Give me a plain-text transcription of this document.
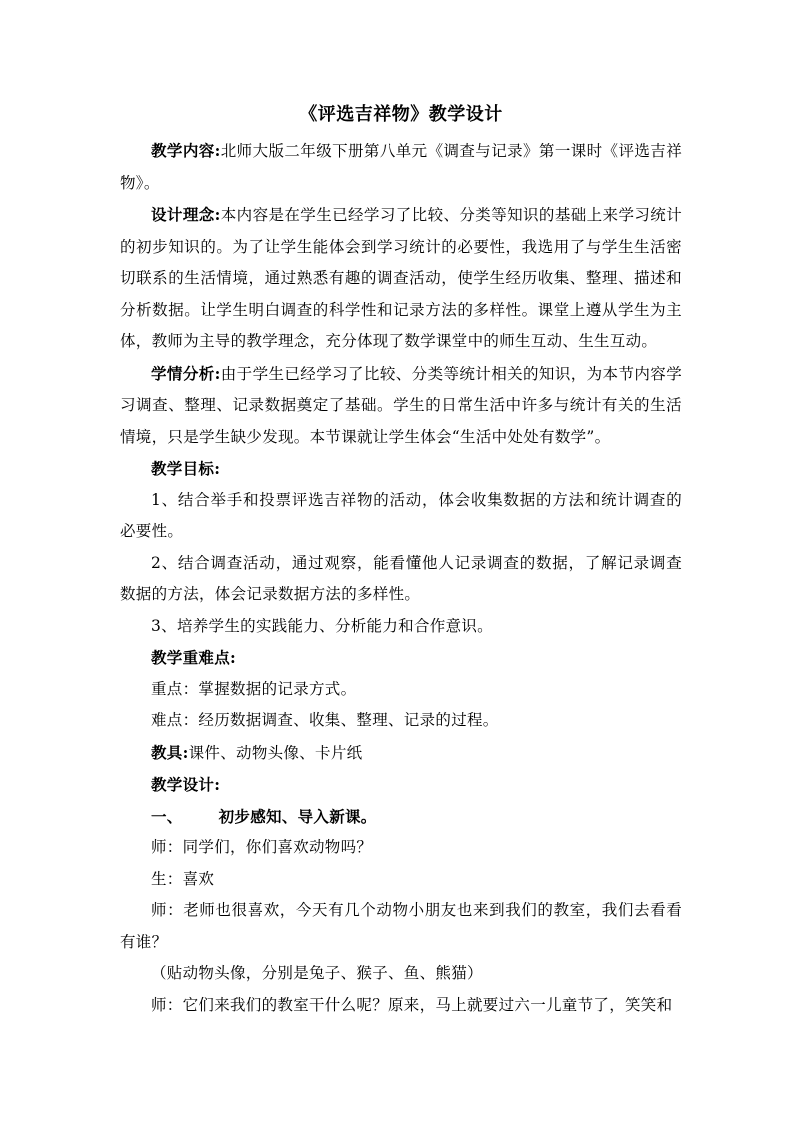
《评选吉祥物》教学设计

教学内容:北师大版二年级下册第八单元《调查与记录》第一课时《评选吉祥物》。

设计理念:本内容是在学生已经学习了比较、分类等知识的基础上来学习统计的初步知识的。为了让学生能体会到学习统计的必要性，我选用了与学生生活密切联系的生活情境，通过熟悉有趣的调查活动，使学生经历收集、整理、描述和分析数据。让学生明白调查的科学性和记录方法的多样性。课堂上遵从学生为主体，教师为主导的教学理念，充分体现了数学课堂中的师生互动、生生互动。

学情分析:由于学生已经学习了比较、分类等统计相关的知识，为本节内容学习调查、整理、记录数据奠定了基础。学生的日常生活中许多与统计有关的生活情境，只是学生缺少发现。本节课就让学生体会“生活中处处有数学”。

教学目标:

1、结合举手和投票评选吉祥物的活动，体会收集数据的方法和统计调查的必要性。

2、结合调查活动，通过观察，能看懂他人记录调查的数据，了解记录调查数据的方法，体会记录数据方法的多样性。

3、培养学生的实践能力、分析能力和合作意识。

教学重难点:

重点：掌握数据的记录方式。

难点：经历数据调查、收集、整理、记录的过程。

教具:课件、动物头像、卡片纸

教学设计:

一、 初步感知、导入新课。

师：同学们，你们喜欢动物吗？

生：喜欢

师：老师也很喜欢，今天有几个动物小朋友也来到我们的教室，我们去看看有谁？

（贴动物头像，分别是兔子、猴子、鱼、熊猫）

师：它们来我们的教室干什么呢？原来，马上就要过六一儿童节了，笑笑和
